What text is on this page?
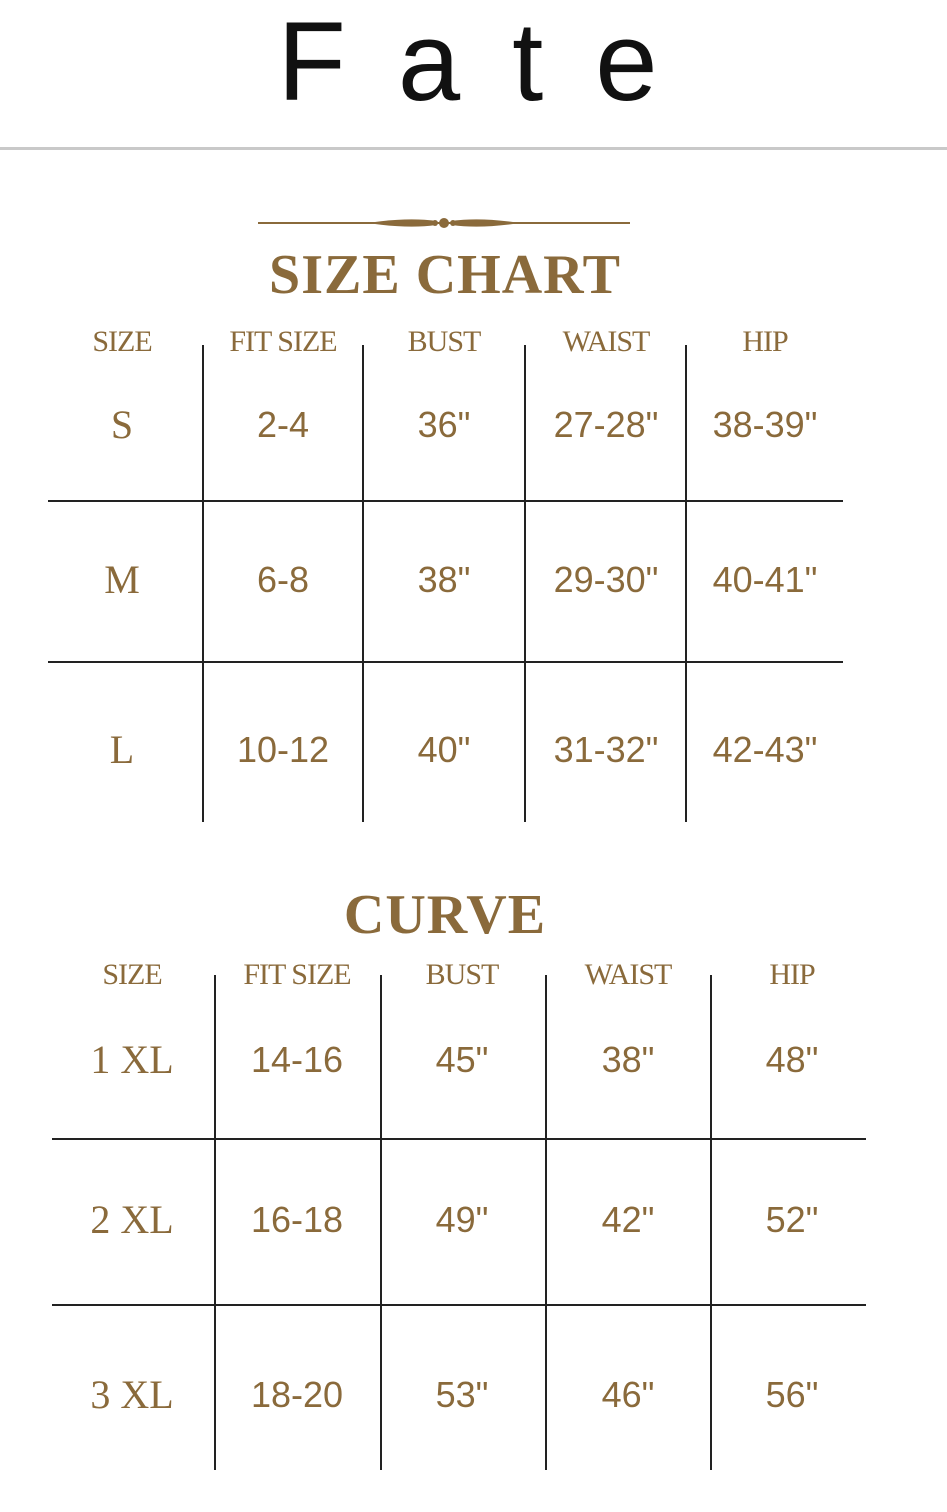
Fate
SIZE CHART
SIZE	FIT SIZE	BUST	WAIST	HIP
S	2-4	36"	27-28"	38-39"
M	6-8	38"	29-30"	40-41"
L	10-12	40"	31-32"	42-43"
CURVE
SIZE	FIT SIZE	BUST	WAIST	HIP
1 XL	14-16	45"	38"	48"
2 XL	16-18	49"	42"	52"
3 XL	18-20	53"	46"	56"
